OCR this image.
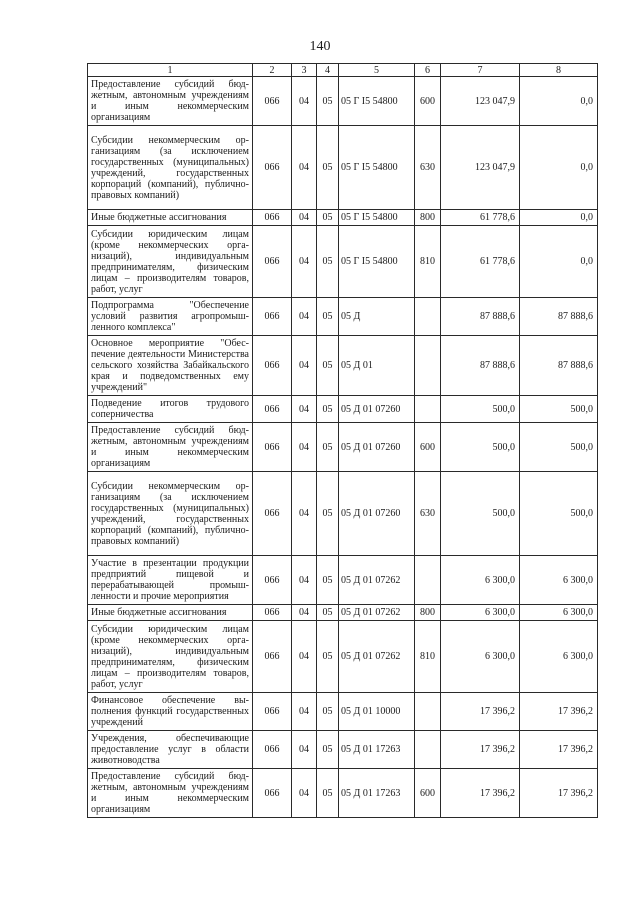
140
1	2	3	4	5	6	7	8
Предоставление субсидий бюджетным, автономным учреждениям и иным некоммерческим организациям	066	04	05	05 Г I5 54800	600	123 047,9	0,0
Субсидии некоммерческим организациям (за исключением государственных (муниципальных) учреждений, государственных корпораций (компаний), публично-правовых компаний)	066	04	05	05 Г I5 54800	630	123 047,9	0,0
Иные бюджетные ассигнования	066	04	05	05 Г I5 54800	800	61 778,6	0,0
Субсидии юридическим лицам (кроме некоммерческих организаций), индивидуальным предпринимателям, физическим лицам – производителям товаров, работ, услуг	066	04	05	05 Г I5 54800	810	61 778,6	0,0
Подпрограмма "Обеспечение условий развития агропромышленного комплекса"	066	04	05	05 Д		87 888,6	87 888,6
Основное мероприятие "Обеспечение деятельности Министерства сельского хозяйства Забайкальского края и подведомственных ему учреждений"	066	04	05	05 Д 01		87 888,6	87 888,6
Подведение итогов трудового соперничества	066	04	05	05 Д 01 07260		500,0	500,0
Предоставление субсидий бюджетным, автономным учреждениям и иным некоммерческим организациям	066	04	05	05 Д 01 07260	600	500,0	500,0
Субсидии некоммерческим организациям (за исключением государственных (муниципальных) учреждений, государственных корпораций (компаний), публично-правовых компаний)	066	04	05	05 Д 01 07260	630	500,0	500,0
Участие в презентации продукции предприятий пищевой и перерабатывающей промышленности и прочие мероприятия	066	04	05	05 Д 01 07262		6 300,0	6 300,0
Иные бюджетные ассигнования	066	04	05	05 Д 01 07262	800	6 300,0	6 300,0
Субсидии юридическим лицам (кроме некоммерческих организаций), индивидуальным предпринимателям, физическим лицам – производителям товаров, работ, услуг	066	04	05	05 Д 01 07262	810	6 300,0	6 300,0
Финансовое обеспечение выполнения функций государственных учреждений	066	04	05	05 Д 01 10000		17 396,2	17 396,2
Учреждения, обеспечивающие предоставление услуг в области животноводства	066	04	05	05 Д 01 17263		17 396,2	17 396,2
Предоставление субсидий бюджетным, автономным учреждениям и иным некоммерческим организациям	066	04	05	05 Д 01 17263	600	17 396,2	17 396,2
